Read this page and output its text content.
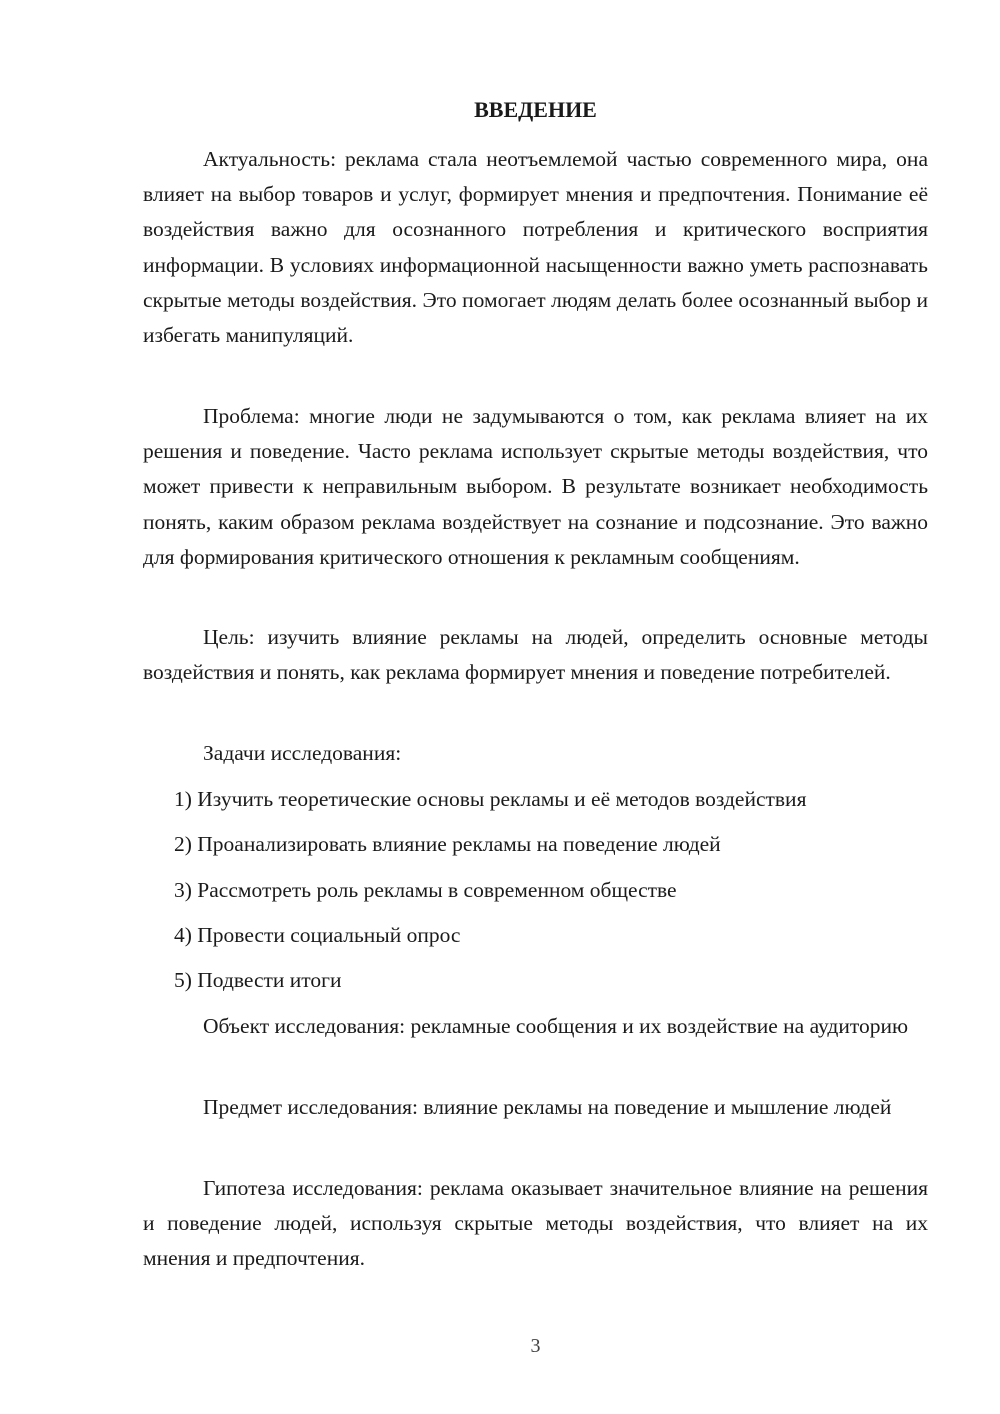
ВВЕДЕНИЕ

Актуальность: реклама стала неотъемлемой частью современного мира, она влияет на выбор товаров и услуг, формирует мнения и предпочтения. Понимание её воздействия важно для осознанного потребления и критического восприятия информации. В условиях информационной насыщенности важно уметь распознавать скрытые методы воздействия. Это помогает людям делать более осознанный выбор и избегать манипуляций.

Проблема: многие люди не задумываются о том, как реклама влияет на их решения и поведение. Часто реклама использует скрытые методы воздействия, что может привести к неправильным выбором. В результате возникает необходимость понять, каким образом реклама воздействует на сознание и подсознание. Это важно для формирования критического отношения к рекламным сообщениям.

Цель: изучить влияние рекламы на людей, определить основные методы воздействия и понять, как реклама формирует мнения и поведение потребителей.

Задачи исследования:

1) Изучить теоретические основы рекламы и её методов воздействия
2) Проанализировать влияние рекламы на поведение людей
3) Рассмотреть роль рекламы в современном обществе
4) Провести социальный опрос
5) Подвести итоги

Объект исследования: рекламные сообщения и их воздействие на аудиторию

Предмет исследования: влияние рекламы на поведение и мышление людей

Гипотеза исследования: реклама оказывает значительное влияние на решения и поведение людей, используя скрытые методы воздействия, что влияет на их мнения и предпочтения.

3
